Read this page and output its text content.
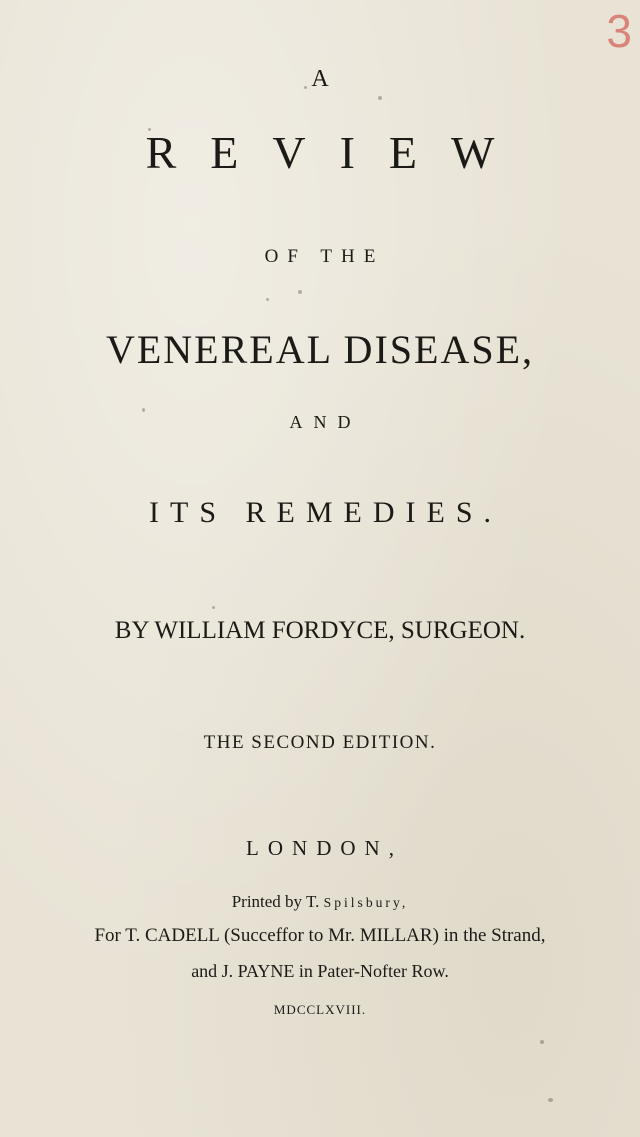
3
A
REVIEW
OF THE
VENEREAL DISEASE,
AND
ITS REMEDIES.
BY WILLIAM FORDYCE, SURGEON.
THE SECOND EDITION.
LONDON,
Printed by T. Spilsbury,
For T. CADELL (Succeffor to Mr. MILLAR) in the Strand,
and J. PAYNE in Pater-Nofter Row.
MDCCLXVIII.
